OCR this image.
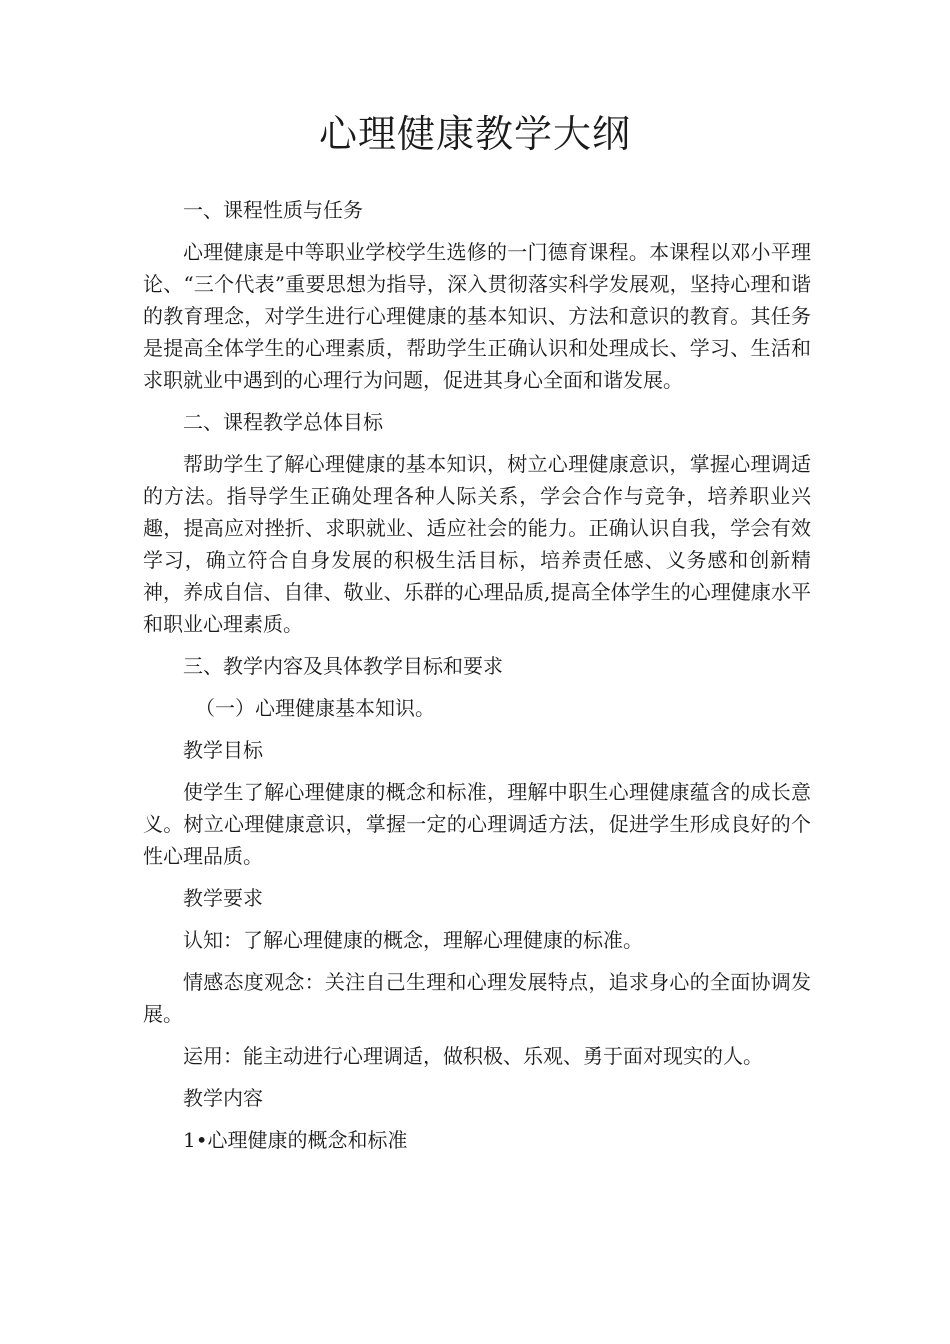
心理健康教学大纲

一、课程性质与任务

心理健康是中等职业学校学生选修的一门德育课程。本课程以邓小平理论、“三个代表”重要思想为指导，深入贯彻落实科学发展观，坚持心理和谐的教育理念，对学生进行心理健康的基本知识、方法和意识的教育。其任务是提高全体学生的心理素质，帮助学生正确认识和处理成长、学习、生活和求职就业中遇到的心理行为问题，促进其身心全面和谐发展。

二、课程教学总体目标

帮助学生了解心理健康的基本知识，树立心理健康意识，掌握心理调适的方法。指导学生正确处理各种人际关系，学会合作与竞争，培养职业兴趣，提高应对挫折、求职就业、适应社会的能力。正确认识自我，学会有效学习，确立符合自身发展的积极生活目标，培养责任感、义务感和创新精神，养成自信、自律、敬业、乐群的心理品质,提高全体学生的心理健康水平和职业心理素质。

三、教学内容及具体教学目标和要求

（一）心理健康基本知识。

教学目标

使学生了解心理健康的概念和标准，理解中职生心理健康蕴含的成长意义。树立心理健康意识，掌握一定的心理调适方法，促进学生形成良好的个性心理品质。

教学要求

认知：了解心理健康的概念，理解心理健康的标准。

情感态度观念：关注自己生理和心理发展特点，追求身心的全面协调发展。

运用：能主动进行心理调适，做积极、乐观、勇于面对现实的人。

教学内容

1•心理健康的概念和标准
